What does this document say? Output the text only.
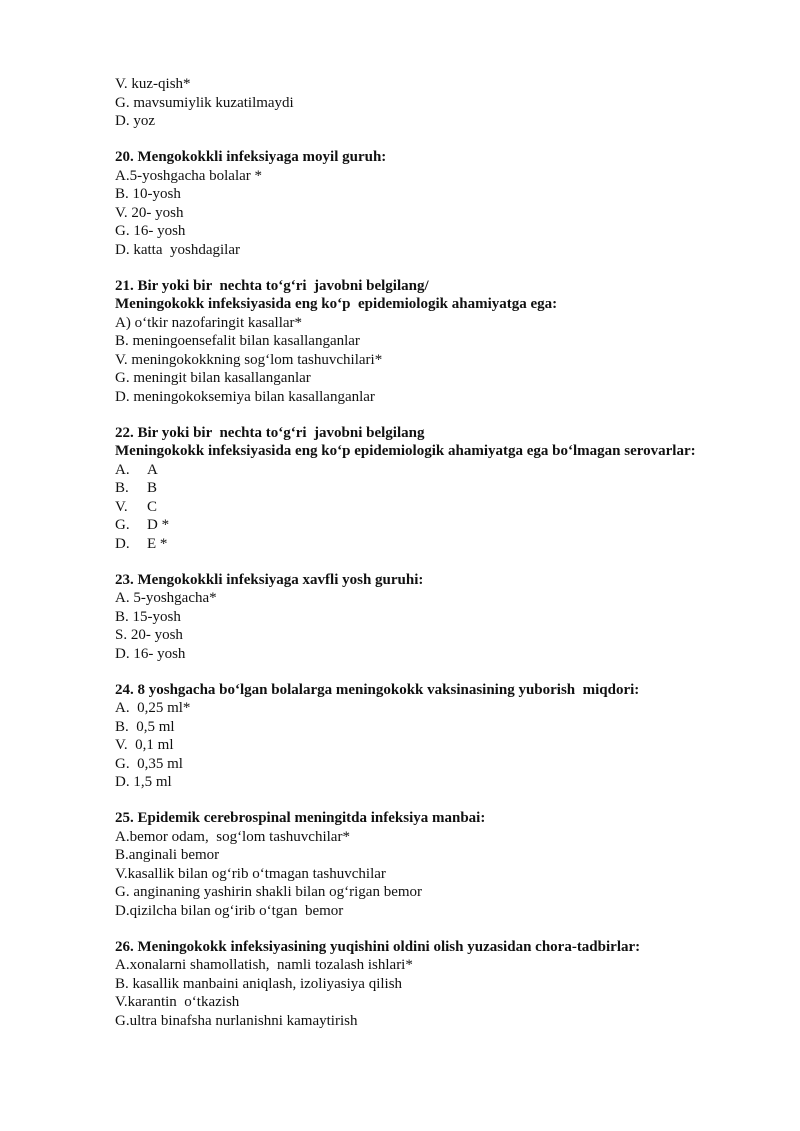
V. kuz-qish*
G. mavsumiylik kuzatilmaydi
D. yoz
20. Mengokokkli infeksiyaga moyil guruh:
A.5-yoshgacha bolalar *
B. 10-yosh
V. 20- yosh
G. 16- yosh
D. katta  yoshdagilar
21. Bir yoki bir  nechta to‘g‘ri  javobni belgilang/
Meningokokk infeksiyasida eng ko‘p  epidemiologik ahamiyatga ega:
A) o‘tkir nazofaringit kasallar*
B. meningoensefalit bilan kasallanganlar
V. meningokokkning sog‘lom tashuvchilari*
G. meningit bilan kasallanganlar
D. meningokoksemiya bilan kasallanganlar
22. Bir yoki bir  nechta to‘g‘ri  javobni belgilang
Meningokokk infeksiyasida eng ko‘p epidemiologik ahamiyatga ega bo‘lmagan serovarlar:
A.	A
B.	B
V.	C
G.	D *
D.	E *
23. Mengokokkli infeksiyaga xavfli yosh guruhi:
A. 5-yoshgacha*
B. 15-yosh
S. 20- yosh
D. 16- yosh
24. 8 yoshgacha bo‘lgan bolalarga meningokokk vaksinasining yuborish  miqdori:
A.  0,25 ml*
B.  0,5 ml
V.  0,1 ml
G.  0,35 ml
D. 1,5 ml
25. Epidemik cerebrospinal meningitda infeksiya manbai:
A.bemor odam,  sog‘lom tashuvchilar*
B.anginali bemor
V.kasallik bilan og‘rib o‘tmagan tashuvchilar
G. anginaning yashirin shakli bilan og‘rigan bemor
D.qizilcha bilan og‘irib o‘tgan  bemor
26. Meningokokk infeksiyasining yuqishini oldini olish yuzasidan chora-tadbirlar:
A.xonalarni shamollatish,  namli tozalash ishlari*
B. kasallik manbaini aniqlash, izoliyasiya qilish
V.karantin  o‘tkazish
G.ultra binafsha nurlanishni kamaytirish
